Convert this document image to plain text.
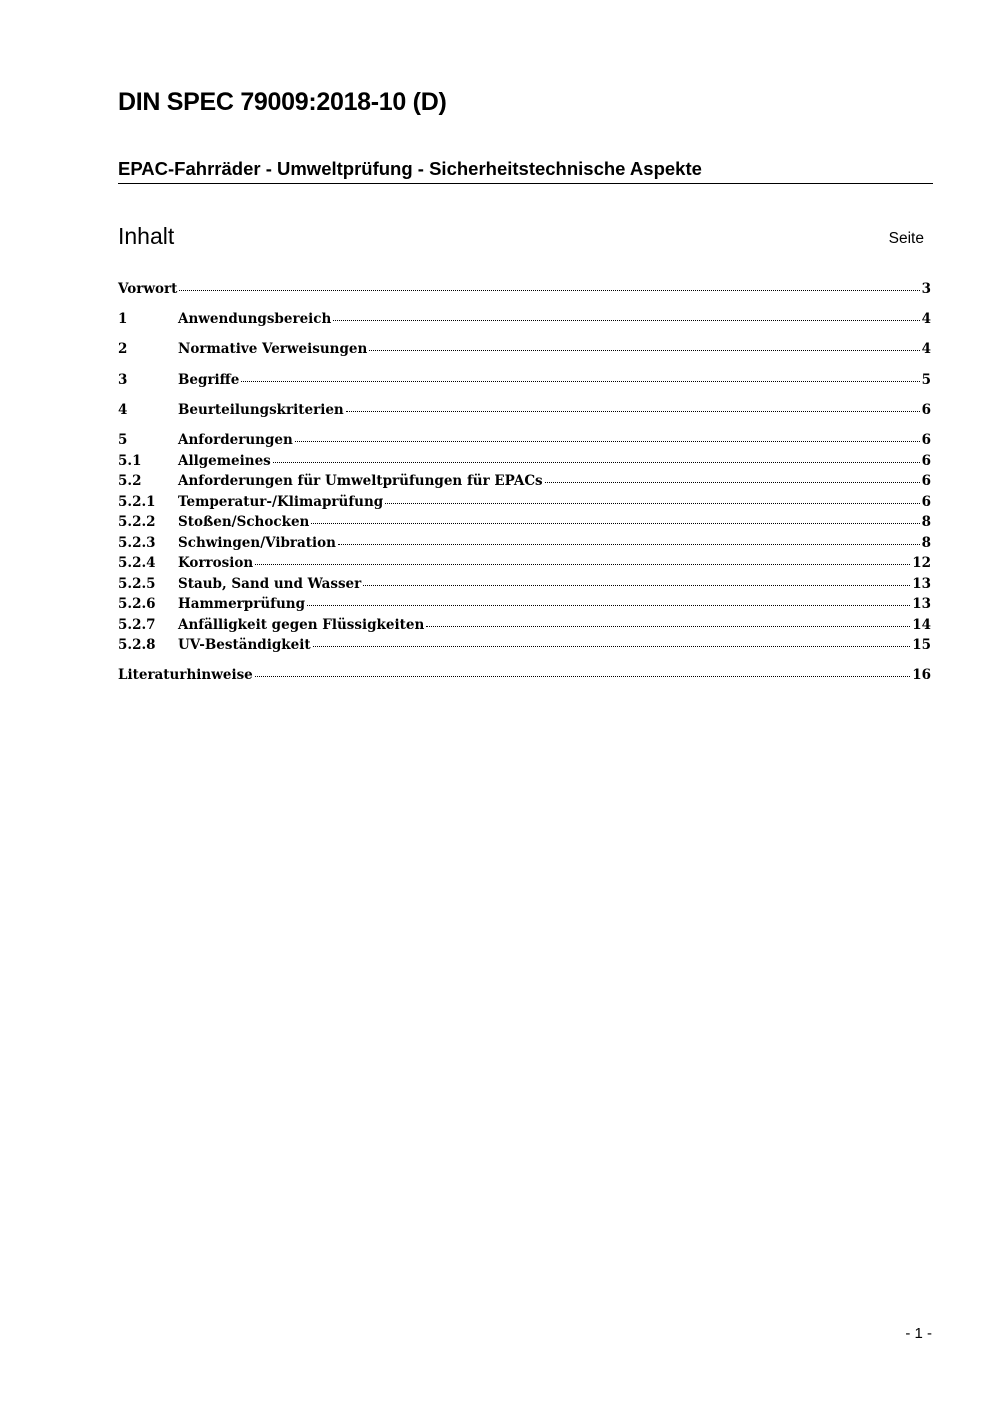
DIN SPEC 79009:2018-10 (D)
EPAC-Fahrräder - Umweltprüfung - Sicherheitstechnische Aspekte
Inhalt	Seite
Vorwort	3
1	Anwendungsbereich	4
2	Normative Verweisungen	4
3	Begriffe	5
4	Beurteilungskriterien	6
5	Anforderungen	6
5.1	Allgemeines	6
5.2	Anforderungen für Umweltprüfungen für EPACs	6
5.2.1	Temperatur-/Klimaprüfung	6
5.2.2	Stoßen/Schocken	8
5.2.3	Schwingen/Vibration	8
5.2.4	Korrosion	12
5.2.5	Staub, Sand und Wasser	13
5.2.6	Hammerprüfung	13
5.2.7	Anfälligkeit gegen Flüssigkeiten	14
5.2.8	UV-Beständigkeit	15
Literaturhinweise	16
- 1 -
